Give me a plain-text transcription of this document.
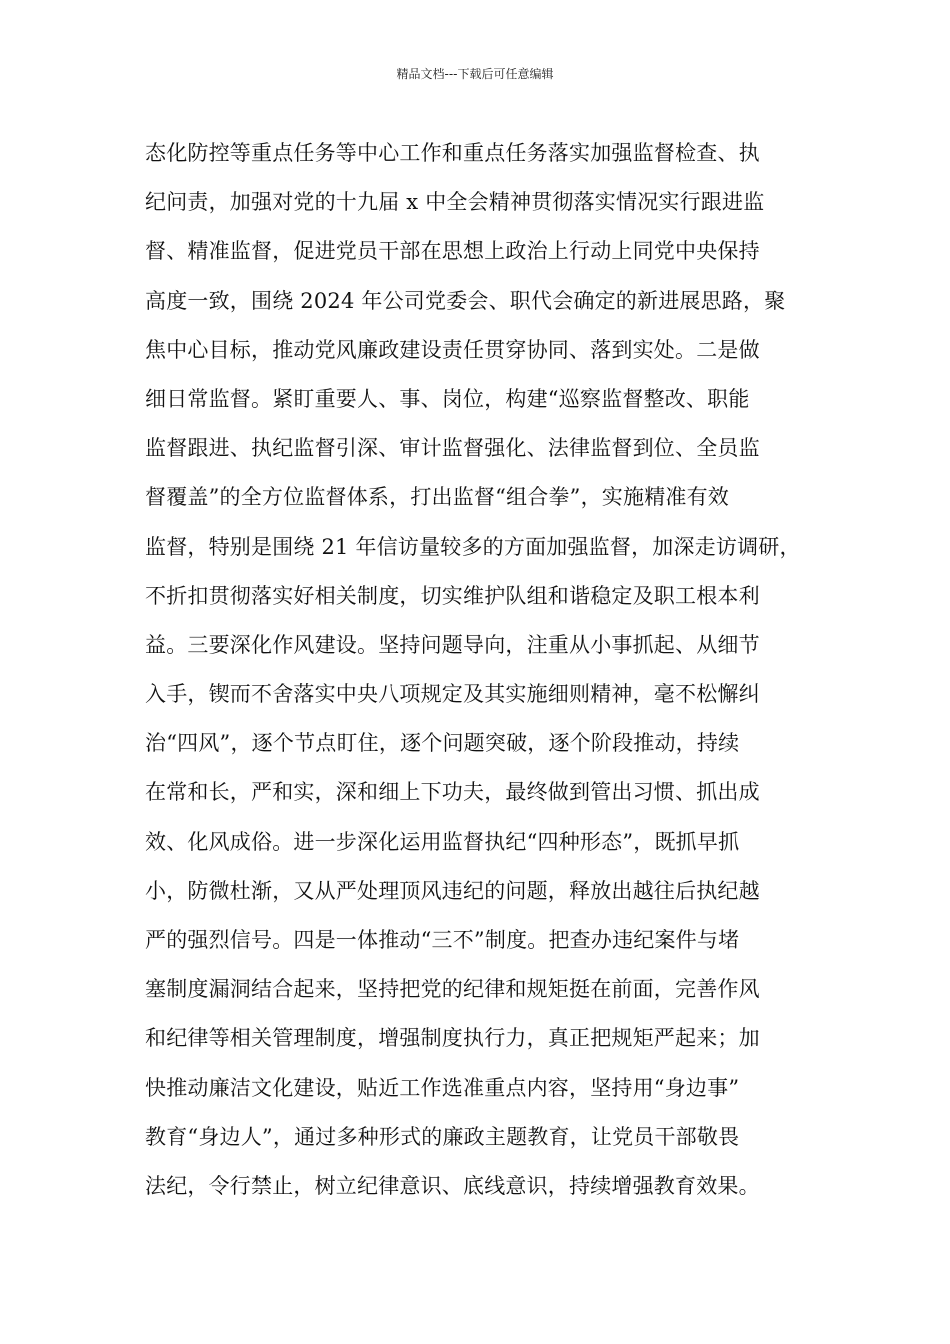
精品文档---下载后可任意编辑
态化防控等重点任务等中心工作和重点任务落实加强监督检查、执
纪问责，加强对党的十九届 x 中全会精神贯彻落实情况实行跟进监
督、精准监督，促进党员干部在思想上政治上行动上同党中央保持
高度一致，围绕 2024 年公司党委会、职代会确定的新进展思路，聚
焦中心目标，推动党风廉政建设责任贯穿协同、落到实处。二是做
细日常监督。紧盯重要人、事、岗位，构建“巡察监督整改、职能
监督跟进、执纪监督引深、审计监督强化、法律监督到位、全员监
督覆盖”的全方位监督体系，打出监督“组合拳”，实施精准有效
监督，特别是围绕 21 年信访量较多的方面加强监督，加深走访调研，
不折扣贯彻落实好相关制度，切实维护队组和谐稳定及职工根本利
益。三要深化作风建设。坚持问题导向，注重从小事抓起、从细节
入手，锲而不舍落实中央八项规定及其实施细则精神，毫不松懈纠
治“四风”，逐个节点盯住，逐个问题突破，逐个阶段推动，持续
在常和长，严和实，深和细上下功夫，最终做到管出习惯、抓出成
效、化风成俗。进一步深化运用监督执纪“四种形态”，既抓早抓
小，防微杜渐，又从严处理顶风违纪的问题，释放出越往后执纪越
严的强烈信号。四是一体推动“三不”制度。把查办违纪案件与堵
塞制度漏洞结合起来，坚持把党的纪律和规矩挺在前面，完善作风
和纪律等相关管理制度，增强制度执行力，真正把规矩严起来；加
快推动廉洁文化建设，贴近工作选准重点内容，坚持用“身边事”
教育“身边人”，通过多种形式的廉政主题教育，让党员干部敬畏
法纪，令行禁止，树立纪律意识、底线意识，持续增强教育效果。
